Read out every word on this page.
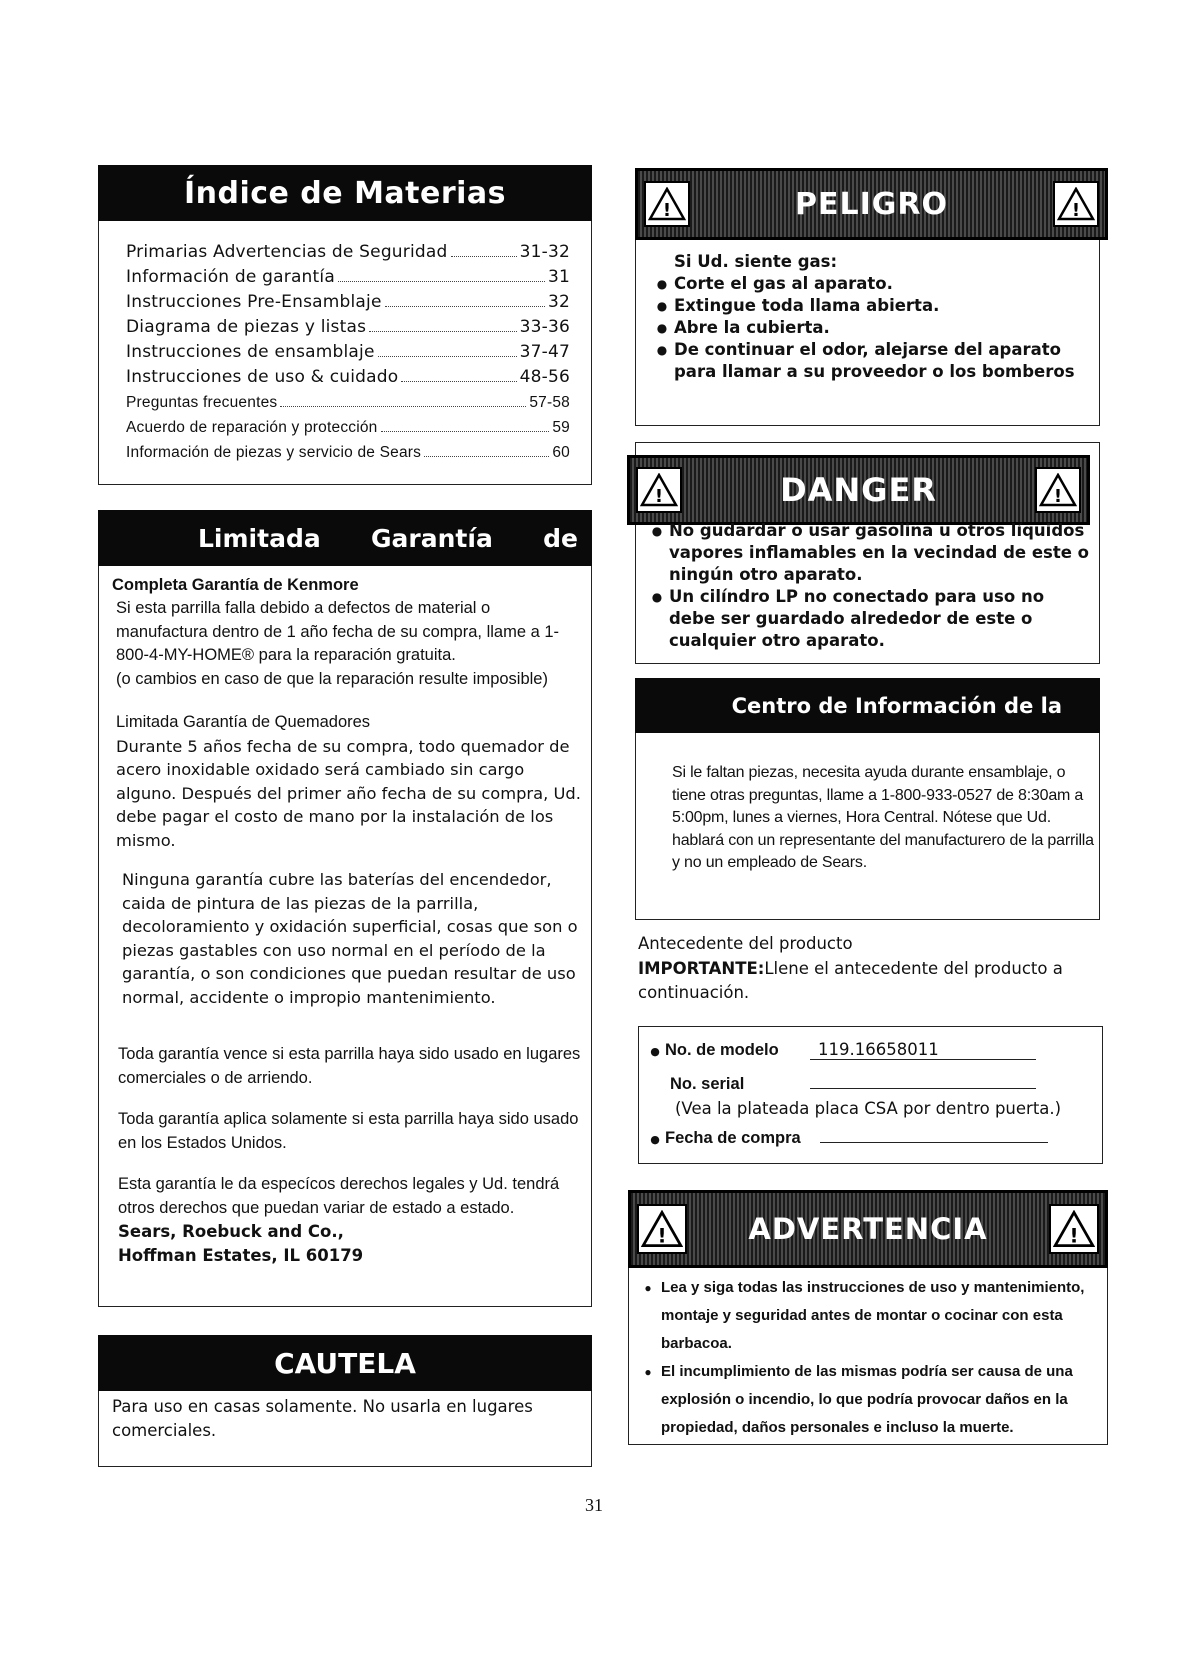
Índice de Materias
Primarias Advertencias de Seguridad	31-32
Información de garantía	31
Instrucciones Pre-Ensamblaje	32
Diagrama de piezas y listas	33-36
Instrucciones de ensamblaje	37-47
Instrucciones de uso & cuidado	48-56
Preguntas frecuentes	57-58
Acuerdo de reparación y protección	59
Información de piezas y servicio de Sears	60
Limitada Garantía de

Completa Garantía de Kenmore

Si esta parrilla falla debido a defectos de material o manufactura dentro de 1 año fecha de su compra, llame a 1-800-4-MY-HOME® para la reparación gratuita.

(o cambios en caso de que la reparación resulte imposible)

Limitada Garantía de Quemadores

Durante 5 años fecha de su compra, todo quemador de acero inoxidable oxidado será cambiado sin cargo alguno. Después del primer año fecha de su compra, Ud. debe pagar el costo de mano por la instalación de los mismo.

Ninguna garantía cubre las baterías del encendedor, caida de pintura de las piezas de la parrilla, decoloramiento y oxidación superficial, cosas que son o piezas gastables con uso normal en el período de la garantía, o son condiciones que puedan resultar de uso normal, accidente o impropio mantenimiento.

Toda garantía vence si esta parrilla haya sido usado en lugares comerciales o de arriendo.

Toda garantía aplica solamente si esta parrilla haya sido usado en los Estados Unidos.

Esta garantía le da especícos derechos legales y Ud. tendrá otros derechos que puedan variar de estado a estado.

Sears, Roebuck and Co.,

Hoffman Estates, IL 60179

CAUTELA

Para uso en casas solamente. No usarla en lugares comerciales.

!	PELIGRO	!

Si Ud. siente gas:

● Corte el gas al aparato.
● Extingue toda llama abierta.
● Abre la cubierta.
● De continuar el odor, alejarse del aparato para llamar a su proveedor o los bomberos
!	DANGER	!
● No gudardar o usar gasolina u otros líquidos vapores inflamables en la vecindad de este o ningún otro aparato.
● Un cilíndro LP no conectado para uso no debe ser guardado alrededor de este o cualquier otro aparato.
Centro de Información de la

Si le faltan piezas, necesita ayuda durante ensamblaje, o tiene otras preguntas, llame a 1-800-933-0527 de 8:30am a 5:00pm, lunes a viernes, Hora Central. Nótese que Ud. hablará con un representante del manufacturero de la parrilla y no un empleado de Sears.

Antecedente del producto

IMPORTANTE:Llene el antecedente del producto a continuación.

● No. de modelo	119.16658011
No. serial

(Vea la plateada placa CSA por dentro puerta.)

● Fecha de compra
!	ADVERTENCIA	!
● Lea y siga todas las instrucciones de uso y mantenimiento, montaje y seguridad antes de montar o cocinar con esta barbacoa.
● El incumplimiento de las mismas podría ser causa de una explosión o incendio, lo que podría provocar daños en la propiedad, daños personales e incluso la muerte.
31
